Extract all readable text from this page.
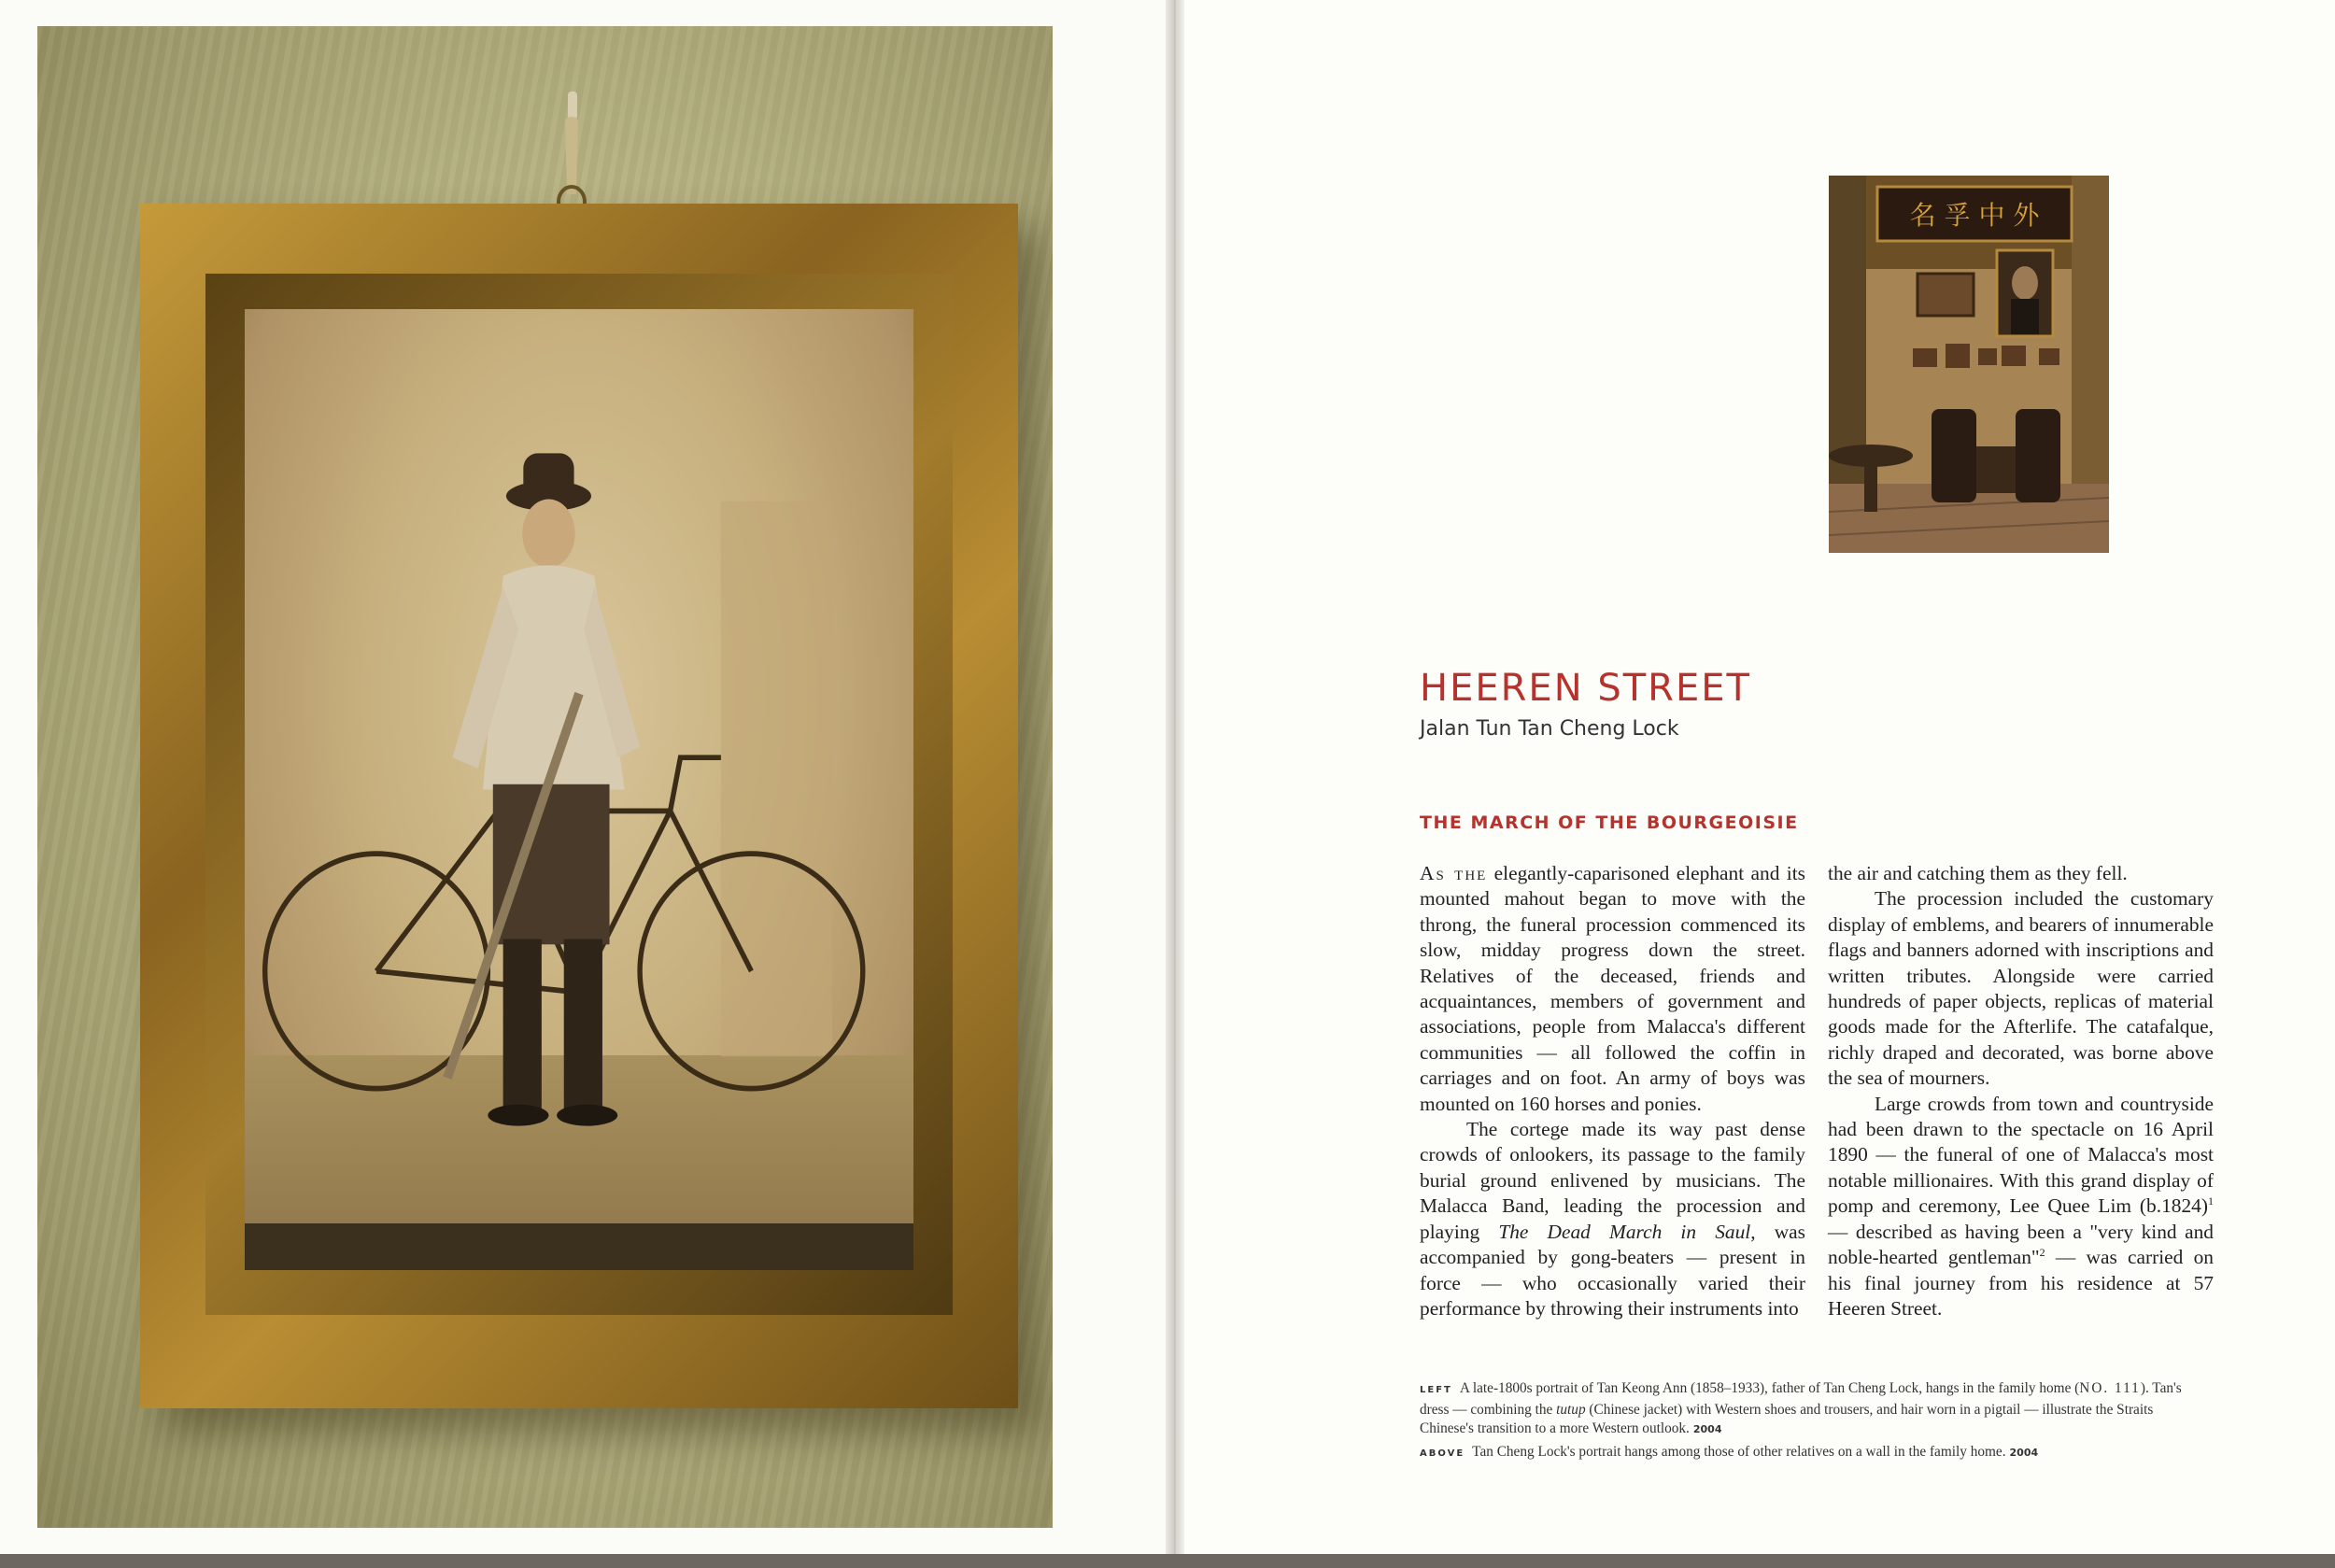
名 孚 中 外
HEEREN STREET
Jalan Tun Tan Cheng Lock
THE MARCH OF THE BOURGEOISIE

As the elegantly-caparisoned elephant and its mounted mahout began to move with the throng, the funeral procession commenced its slow, midday progress down the street. Relatives of the deceased, friends and acquaintances, members of government and associations, people from Malacca's different communities — all followed the coffin in carriages and on foot. An army of boys was mounted on 160 horses and ponies.

The cortege made its way past dense crowds of onlookers, its passage to the family burial ground enlivened by musicians. The Malacca Band, leading the procession and playing The Dead March in Saul, was accompanied by gong-beaters — present in force — who occasionally varied their performance by throwing their instruments into

the air and catching them as they fell.

The procession included the customary display of emblems, and bearers of innumerable flags and banners adorned with inscriptions and written tributes. Alongside were carried hundreds of paper objects, replicas of material goods made for the Afterlife. The catafalque, richly draped and decorated, was borne above the sea of mourners.

Large crowds from town and countryside had been drawn to the spectacle on 16 April 1890 — the funeral of one of Malacca's most notable millionaires. With this grand display of pomp and ceremony, Lee Quee Lim $(b.1824)^1$ — described as having been a "very kind and noble-hearted gentleman"$^2$ — was carried on his final journey from his residence at 57 Heeren Street.

LEFT A late-1800s portrait of Tan Keong Ann (1858–1933), father of Tan Cheng Lock, hangs in the family home (NO. 111). Tan's dress — combining the tutup (Chinese jacket) with Western shoes and trousers, and hair worn in a pigtail — illustrate the Straits Chinese's transition to a more Western outlook. 2004

ABOVE Tan Cheng Lock's portrait hangs among those of other relatives on a wall in the family home. 2004
